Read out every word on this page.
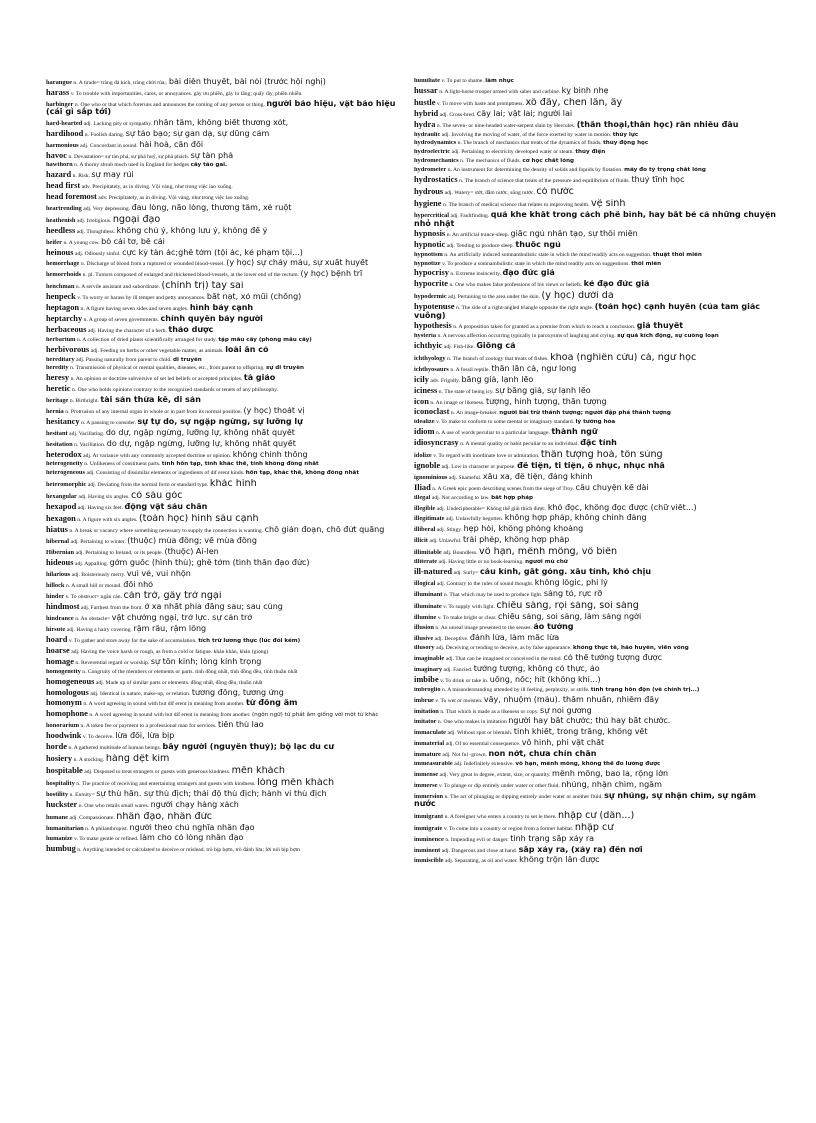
harangue n. A tirade= tràng đả kích, tràng chửi rủa;. bài diễn thuyết, bài nói (trước hội nghị)
harass v. To trouble with importunities, cares, or annoyances. gây ưu phiền, gây lo lắng; quấy rầy, phiền nhiễu
harbinger n. One who or that which foreruns and announces the coming of any person or thing. người báo hiệu, vật báo hiệu (cái gì sắp tới)
hard-hearted adj. Lacking pity or sympathy. nhẫn tâm, không biết thương xót,
hardihood n. Foolish daring. sự táo bạo; sự gan dạ, sự dũng cảm
harmonious adj. Concordant in sound. hài hoà, cân đối
havoc n. Devastation= sự tàn phá, sự phá huỷ, sự phá phách. sự tàn phá
hawthorn n. A thorny shrub much used in England for hedges cây táo gai.
hazard n. Risk. sự may rủi
head first adv. Precipitately, as in diving. Vội vàng, như trong việc lao xuống.
head foremost adv. Precipitately, as in diving. Vội vàng, như trong việc lao xuống.
heartrending adj. Very depressing. đau lòng, não lòng, thương tâm, xé ruột
heathenish adj. Irreligious. ngoại đạo
heedless adj. Thoughtless. không chú ý, không lưu ý, không để ý
heifer n. A young cow. bò cái tơ, bê cái
heinous adj. Odiously sinful. cực kỳ tàn ác;ghê tởm (tội ác, kẻ phạm tội...)
hemorrhage n. Discharge of blood from a ruptured or wounded blood-vessel. (y học) sự chảy máu, sự xuất huyết
hemorrhoids n. pl. Tumors composed of enlarged and thickened blood-vessels, at the lower end of the rectum. (y học) bệnh trĩ
henchman n. A servile assistant and subordinate. (chính trị) tay sai
henpeck v. To worry or harass by ill temper and petty annoyances. bắt nạt, xỏ mũi (chồng)
heptagon n. A figure having seven sides and seven angles. hình bảy cạnh
heptarchy n. A group of seven governments. chính quyền bảy người
herbaceous adj. Having the character of a herb. thảo dược
herbarium n. A collection of dried plants scientifically arranged for study. tập mẫu cây (phòng mẫu cây)
herbivorous adj. Feeding on herbs or other vegetable matter, as animals. loài ăn cỏ
hereditary adj. Passing naturally from parent to child. di truyền
heredity n. Transmission of physical or mental qualities, diseases, etc., from parent to offspring. sự di truyền
heresy n. An opinion or doctrine subversive of set led beliefs or accepted principles. tà giáo
heretic n. One who holds opinions contrary to the recognized standards or tenets of any philosophy.
heritage n. Birthright. tài sản thừa kế, di sản
hernia n. Protrusion of any internal organ in whole or in part from its normal position. (y học) thoát vị
hesitancy n. A pausing to consider. sự tự do, sự ngập ngừng, sự lưỡng lự
hesitant adj. Vacillating. do dự, ngập ngừng, lưỡng lự, không nhất quyết
hesitation n. Vacillation. do dự, ngập ngừng, lưỡng lự, không nhất quyết
heterodox adj. At variance with any commonly accepted doctrine or opinion. không chính thống
heterogeneity n. Unlikeness of constituent parts. tính hỗn tạp, tính khác thể, tính không đồng nhất
heterogeneous adj. Consisting of dissimilar elements or ingredients of dif erent kinds. hỗn tạp, khác thể, không đồng nhất
heteromorphic adj. Deviating from the normal form or standard type. khác hình
hexangular adj. Having six angles. có sáu góc
hexapod adj. Having six feet. động vật sáu chân
hexagon n. A figure with six angles. (toán học) hình sáu cạnh
hiatus n. A break or vacancy where something necessary to supply the connection is wanting. chỗ gián đoạn, chỗ đứt quãng
hibernal adj. Pertaining to winter. (thuộc) mùa đông; về mùa đông
Hibernian adj. Pertaining to Ireland, or its people. (thuộc) Ai-len
hideous adj. Appalling. gớm guốc (hình thù); ghê tởm (tình thần đạo đức)
hilarious adj. Boisterously merry. vui vẻ, vui nhộn
hillock n. A small hill or mound. đồi nhỏ
hinder v. To obstruct= ngăn cản. cản trở, gây trở ngại
hindmost adj. Farthest from the front. ở xa nhất phía đằng sau; sau cùng
hindrance n. An obstacle= vật chướng ngại, trở lực. sự cản trở
hirsute adj. Having a hairy covering. rậm râu, rậm lông
hoard v. To gather and store away for the sake of accumulation. tích trữ lương thực (lúc đói kém)
hoarse adj. Having the voice harsh or rough, as from a cold or fatigue. khàn khàn, khản (giọng)
homage n. Reverential regard or worship. sự tôn kính; lòng kính trọng
homogeneity n. Congruity of the members or elements or parts. tính đồng nhất, tính đồng đều, tính thuần nhất
homogeneous adj. Made up of similar parts or elements. đồng nhất, đồng đều, thuần nhất
homologous adj. Identical in nature, make-up, or relation. tương đồng, tương ứng
homonym n. A word agreeing in sound with but dif erent in meaning from another. từ đồng âm
homophone n. A word agreeing in sound with but dif erent in meaning from another. (ngôn ngữ) từ phát âm giống với một từ khác
honorarium n. A token fee or payment to a professional man for services. tiền thù lao
hoodwink v. To deceive. lừa đối, lừa bịp
horde n. A gathered multitude of human beings. bầy người (nguyên thuỷ); bộ lạc du cư
hosiery n. A stocking. hàng dệt kim
hospitable adj. Disposed to treat strangers or guests with generous kindness. mến khách
hospitality n. The practice of receiving and entertaining strangers and guests with kindness. lòng mến khách
hostility n. Enmity= sự thù hằn. sự thù địch; thái độ thù địch; hành vi thù địch
huckster n. One who retails small wares. người chạy hàng xách
humane adj. Compassionate. nhân đạo, nhân đức
humanitarian n. A philanthropist. người theo chủ nghĩa nhân đạo
humanize v. To make gentle or refined. làm cho có lòng nhân đạo
humbug n. Anything intended or calculated to deceive or mislead. trò bịp bợm, trò đánh lừa; lời nói bịp bợm
humiliate v. To put to shame. làm nhục
hussar n. A light-horse trooper armed with saber and carbine. kỵ binh nhẹ
hustle v. To move with haste and promptness. xô đẩy, chen lấn, ẩy
hybrid adj. Cross-bred. cây lai; vật lai; người lai
hydra n. The seven- or nine-headed water-serpent slain by Hercules. (thần thoại,thần học) rắn nhiều đầu
hydraulic adj. Involving the moving of water, of the force exerted by water in motion. thủy lực
hydrodynamics n. The branch of mechanics that treats of the dynamics of fluids. thủy động học
hydroelectric adj. Pertaining to electricity developed water or steam. thủy điện
hydromechanics n. The mechanics of fluids. cơ học chất lỏng
hydrometer n. An instrument for determining the density of solids and liquids by flotation. máy đo tỷ trọng chất lỏng
hydrostatics n. The branch of science that treats of the pressure and equilibrium of fluids. thuỷ tĩnh học
hydrous adj. Watery= ướt, đẫm nước, sũng nước. có nước
hygiene n. The branch of medical science that relates to improving health. vệ sinh
hypercritical adj. Faultfinding. quá khe khắt trong cách phê bình, hay bắt bẻ cả những chuyện nhỏ nhặt
hypnosis n. An artificial trance-sleep. giấc ngủ nhân tạo, sự thôi miên
hypnotic adj. Tending to produce sleep. thuốc ngủ
hypnotism n. An artificially induced somnambulistic state in which the mind readily acts on suggestion. thuật thôi miên
hypnotize v. To produce a somnambulistic state in which the mind readily acts on suggestions. thôi miên
hypocrisy n. Extreme insincerity. đạo đức giả
hypocrite n. One who makes false professions of his views or beliefs. kẻ đạo đức giả
hypodermic adj. Pertaining to the area under the skin. (y học) dưới da
hypotenuse n. The side of a right-angled triangle opposite the right angle. (toán học) cạnh huyền (của tam giác vuông)
hypothesis n. A proposition taken for granted as a premise from which to reach a conclusion. giả thuyết
hysteria n. A nervous affection occurring typically in paroxysms of laughing and crying. sự quá kích động, sự cuồng loạn
ichthyic adj. Fish-like. Giống cá
ichthyology n. The branch of zoology that treats of fishes. khoa (nghiên cứu) cá, ngư học
ichthyosaurs n. A fossil reptile. thằn lằn cá, ngư long
icily adv. Frigidly. băng giá, lạnh lẽo
iciness n. The state of being icy. sự băng giá, sự lạnh lẽo
icon n. An image or likeness. tượng, hình tượng, thần tượng
iconoclast n. An image-breaker. người bài trừ thánh tượng; người đập phá thánh tượng
idealize v. To make to conform to some mental or imaginary standard. lý tưởng hóa
idiom n. A use of words peculiar to a particular language. thành ngữ
idiosyncrasy n. A mental quality or habit peculiar to an individual. đặc tính
idolize v. To regard with inordinate love or admiration. thần tượng hoá, tôn sùng
ignoble adj. Low in character or purpose. đê tiện, ti tiện, ô nhục, nhục nhã
ignominious adj. Shameful. xấu xa, đê tiện, đáng khinh
Iliad n. A Greek epic poem describing scenes from the siege of Troy. câu chuyện kể dài
illegal adj. Not according to law. bất hợp pháp
illegible adj. Undecipherable= Không thể giải thích được. khó đọc, không đọc được (chữ viết...)
illegitimate adj. Unlawfully begotten. không hợp pháp, không chính đáng
illiberal adj. Stingy. hẹp hòi, không phóng khoáng
illicit adj. Unlawful. trái phép, không hợp pháp
illimitable adj. Boundless. vô hạn, mênh mông, vô biên
illiterate adj. Having little or no book-learning. người mù chữ
ill-natured adj. Surly= cáu kỉnh, gắt gỏng. xấu tính, khó chịu
illogical adj. Contrary to the rules of sound thought. không lôgic, phi lý
illuminant n. That which may be used to produce light. sáng tỏ, rực rỡ
illuminate v. To supply with light. chiếu sáng, rọi sáng, soi sáng
illumine v. To make bright or clear. chiếu sáng, soi sáng, làm sáng ngời
illusion n. An unreal image presented to the senses. ảo tưởng
illusive adj. Deceptive. đánh lừa, làm mắc lừa
illusory adj. Deceiving or tending to deceive, as by false appearance. không thực tế, hão huyền, viển vông
imaginable adj. That can be imagined or conceived in the mind. có thể tưởng tượng được
imaginary adj. Fancied. tưởng tượng, không có thực, ảo
imbibe v. To drink or take in. uống, nốc; hít (không khí...)
imbroglio n. A misunderstanding attended by ill feeling, perplexity, or strife. tình trạng hỗn độn (về chính trị...)
imbrue v. To wet or moisten. vấy, nhuộm (máu). thấm nhuần, nhiễm đầy
imitation n. That which is made as a likeness or copy. sự noi gương
imitator n. One who makes in imitation người hay bắt chước; thủ hay bắt chước.
immaculate adj. Without spot or blemish. tinh khiết, trong trắng, không vết
immaterial adj. Of no essential consequence. vô hình, phi vật chất
immature adj. Not ful -grown. non nớt, chưa chín chắn
immeasurable adj. Indefinitely extensive. vô hạn, mênh mông, không thể đo lường được
immense adj. Very great in degree, extent, size, or quantity. mênh mông, bao la, rộng lớn
immerse v. To plunge or dip entirely under water or other fluid. nhúng, nhận chìm, ngâm
immersion n. The act of plunging or dipping entirely under water or another fluid. sự nhúng, sự nhận chìm, sự ngâm nước
immigrant n. A foreigner who enters a country to set le there. nhập cư (dân...)
immigrate v. To come into a country or region from a former habitat. nhập cư
imminence n. Impending evil or danger. tình trạng sắp xảy ra
imminent adj. Dangerous and close at hand. sắp xảy ra, (xảy ra) đến nơi
immiscible adj. Separating, as oil and water. không trộn lẫn được
